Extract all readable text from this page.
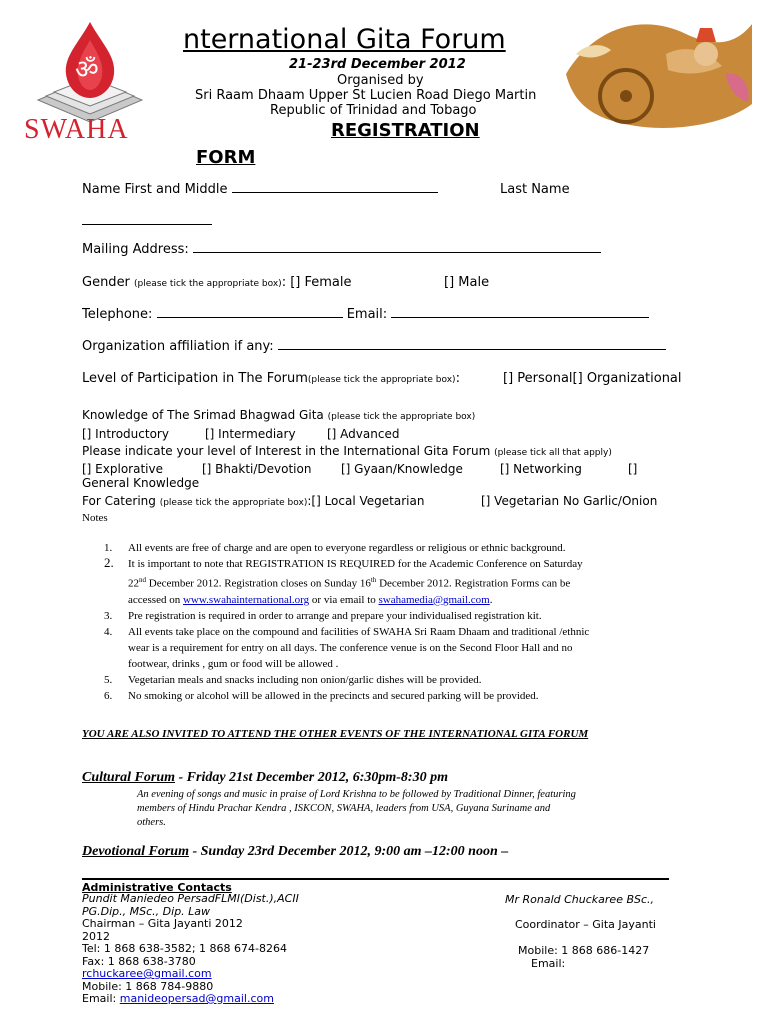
ॐ
SWAHA
nternational Gita Forum
21-23rd December 2012
Organised by
Sri Raam Dhaam Upper St Lucien Road Diego Martin
Republic of Trinidad and Tobago
REGISTRATION
FORM
Name First and Middle	Last Name
Mailing Address:
Gender (please tick the appropriate box): [] Female	[] Male
Telephone:	Email:
Organization affiliation if any:
Level of Participation in The Forum(please tick the appropriate box):	[] Personal[] Organizational
Knowledge of The Srimad Bhagwad Gita (please tick the appropriate box)
[] Introductory	[] Intermediary	[] Advanced
Please indicate your level of Interest in the International Gita Forum (please tick all that apply)
[] Explorative	[] Bhakti/Devotion [] Gyaan/Knowledge	[] Networking	[]
General Knowledge
For Catering (please tick the appropriate box):[] Local Vegetarian	[] Vegetarian No Garlic/Onion
Notes
1. All events are free of charge and are open to everyone regardless or religious or ethnic background.
2. It is important to note that REGISTRATION IS REQUIRED for the Academic Conference on Saturday
22nd December 2012. Registration closes on Sunday 16th December 2012. Registration Forms can be
accessed on www.swahainternational.org or via email to swahamedia@gmail.com.
3. Pre registration is required in order to arrange and prepare your individualised registration kit.
4. All events take place on the compound and facilities of SWAHA Sri Raam Dhaam and traditional /ethnic
wear is a requirement for entry on all days. The conference venue is on the Second Floor Hall and no
footwear, drinks , gum or food will be allowed .
5. Vegetarian meals and snacks including non onion/garlic dishes will be provided.
6. No smoking or alcohol will be allowed in the precincts and secured parking will be provided.
YOU ARE ALSO INVITED TO ATTEND THE OTHER EVENTS OF THE INTERNATIONAL GITA FORUM
Cultural Forum - Friday 21st December 2012, 6:30pm-8:30 pm
An evening of songs and music in praise of Lord Krishna to be followed by Traditional Dinner, featuring
members of Hindu Prachar Kendra , ISKCON, SWAHA, leaders from USA, Guyana Suriname and
others.
Devotional Forum - Sunday 23rd December 2012, 9:00 am –12:00 noon –
Administrative Contacts
Pundit Maniedeo PersadFLMI(Dist.),ACII
PG.Dip., MSc., Dip. Law
Chairman – Gita Jayanti 2012
2012
Tel: 1 868 638-3582; 1 868 674-8264
Fax: 1 868 638-3780
rchuckaree@gmail.com
Mobile: 1 868 784-9880
Email: manideopersad@gmail.com
Mr Ronald Chuckaree BSc.,
Coordinator – Gita Jayanti
Mobile: 1 868 686-1427
Email:
